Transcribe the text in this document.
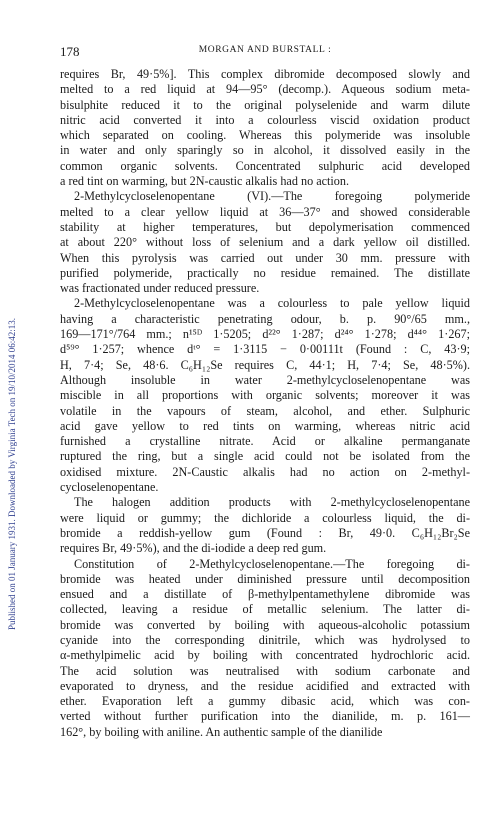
178	MORGAN AND BURSTALL :
Published on 01 January 1931. Downloaded by Virginia Tech on 19/10/2014 06:42:13.

requires Br, 49·5%]. This complex dibromide decomposed slowly and
melted to a red liquid at 94—95° (decomp.). Aqueous sodium meta-
bisulphite reduced it to the original polyselenide and warm dilute
nitric acid converted it into a colourless viscid oxidation product
which separated on cooling. Whereas this polymeride was insoluble
in water and only sparingly so in alcohol, it dissolved easily in the
common organic solvents. Concentrated sulphuric acid developed
a red tint on warming, but 2N-caustic alkalis had no action.

2-Methylcycloselenopentane (VI).—The foregoing polymeride
melted to a clear yellow liquid at 36—37° and showed considerable
stability at higher temperatures, but depolymerisation commenced
at about 220° without loss of selenium and a dark yellow oil distilled.
When this pyrolysis was carried out under 30 mm. pressure with
purified polymeride, practically no residue remained. The distillate
was fractionated under reduced pressure.

2-Methylcycloselenopentane was a colourless to pale yellow liquid
having a characteristic penetrating odour, b. p. 90°/65 mm.,
169—171°/764 mm.; n¹⁵ᴰ 1·5205; d²²° 1·287; d²⁴° 1·278; d⁴⁴° 1·267;
d⁵⁹° 1·257; whence dᵗ° = 1·3115 − 0·00111t (Found : C, 43·9;
H, 7·4; Se, 48·6. C₆H₁₂Se requires C, 44·1; H, 7·4; Se, 48·5%).
Although insoluble in water 2-methylcycloselenopentane was
miscible in all proportions with organic solvents; moreover it was
volatile in the vapours of steam, alcohol, and ether. Sulphuric
acid gave yellow to red tints on warming, whereas nitric acid
furnished a crystalline nitrate. Acid or alkaline permanganate
ruptured the ring, but a single acid could not be isolated from the
oxidised mixture. 2N-Caustic alkalis had no action on 2-methyl-
cycloselenopentane.

The halogen addition products with 2-methylcycloselenopentane
were liquid or gummy; the dichloride a colourless liquid, the di-
bromide a reddish-yellow gum (Found : Br, 49·0. C₆H₁₂Br₂Se
requires Br, 49·5%), and the di-iodide a deep red gum.

Constitution of 2-Methylcycloselenopentane.—The foregoing di-
bromide was heated under diminished pressure until decomposition
ensued and a distillate of β-methylpentamethylene dibromide was
collected, leaving a residue of metallic selenium. The latter di-
bromide was converted by boiling with aqueous-alcoholic potassium
cyanide into the corresponding dinitrile, which was hydrolysed to
α-methylpimelic acid by boiling with concentrated hydrochloric acid.
The acid solution was neutralised with sodium carbonate and
evaporated to dryness, and the residue acidified and extracted with
ether. Evaporation left a gummy dibasic acid, which was con-
verted without further purification into the dianilide, m. p. 161—
162°, by boiling with aniline. An authentic sample of the dianilide
